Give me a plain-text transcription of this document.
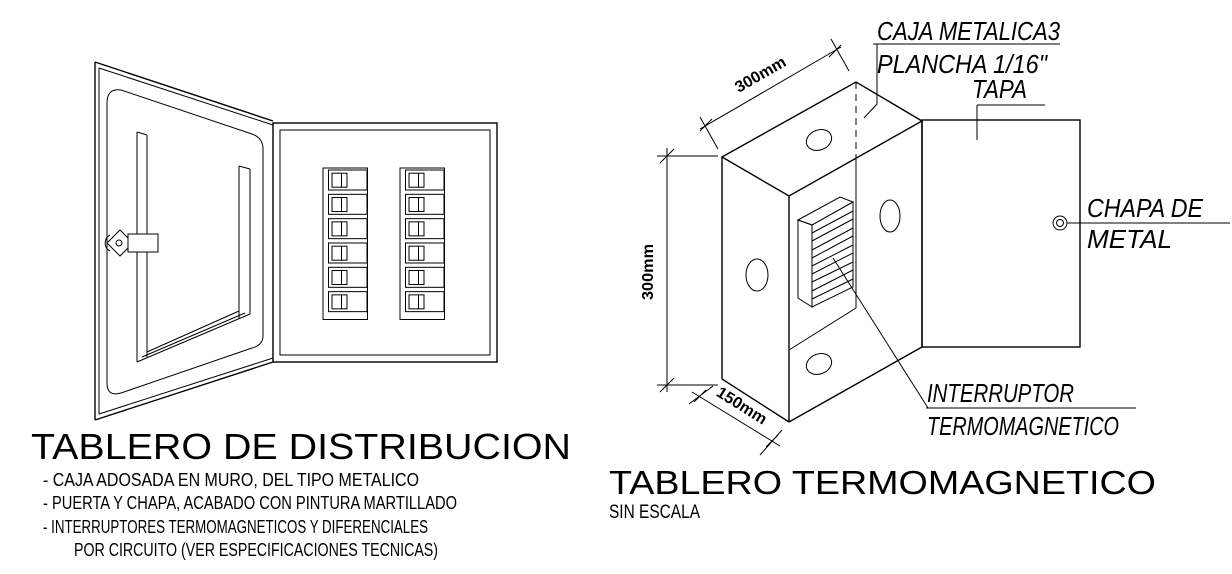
TABLERO DE DISTRIBUCION
- CAJA ADOSADA EN MURO, DEL TIPO METALICO
- PUERTA Y CHAPA, ACABADO CON PINTURA MARTILLADO
- INTERRUPTORES TERMOMAGNETICOS Y DIFERENCIALES
POR CIRCUITO (VER ESPECIFICACIONES TECNICAS)
300mm
300mm
150mm
CAJA METALICA3
PLANCHA 1/16"
TAPA
CHAPA DE
METAL
INTERRUPTOR
TERMOMAGNETICO
TABLERO TERMOMAGNETICO
SIN ESCALA
